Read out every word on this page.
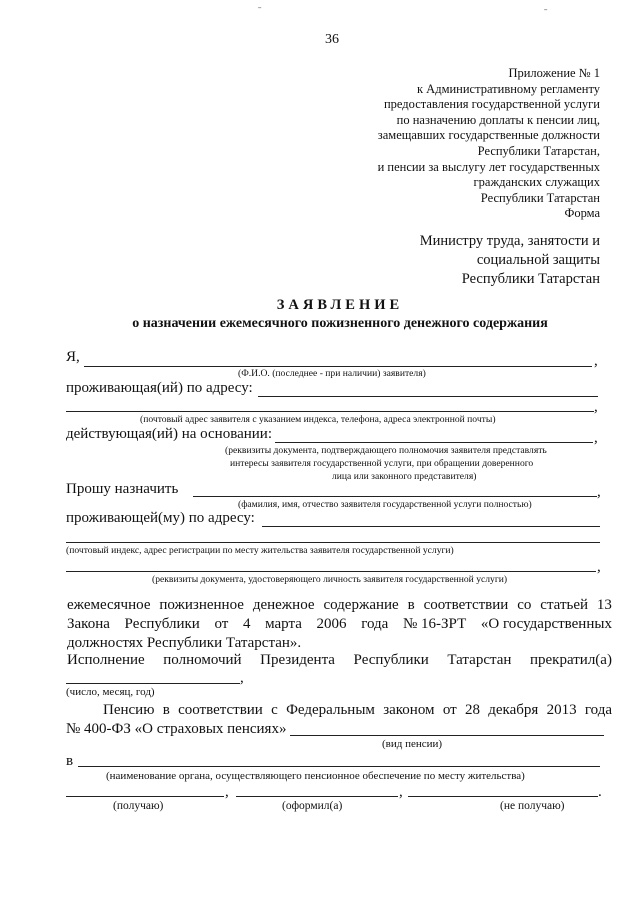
ˉ	ˉ
36
Приложение № 1
к Административному регламенту
предоставления государственной услуги
по назначению доплаты к пенсии лиц,
замещавших государственные должности
Республики Татарстан,
и пенсии за выслугу лет государственных
гражданских служащих
Республики Татарстан
Форма
Министру труда, занятости и
социальной защиты
Республики Татарстан
ЗАЯВЛЕНИЕ
о назначении ежемесячного пожизненного денежного содержания
Я,	,
(Ф.И.О. (последнее - при наличии) заявителя)
проживающая(ий) по адресу:
,
(почтовый адрес заявителя с указанием индекса, телефона, адреса электронной почты)
действующая(ий) на основании:	,
(реквизиты документа, подтверждающего полномочия заявителя представлять
интересы заявителя государственной услуги, при обращении доверенного
лица или законного представителя)
Прошу назначить	,
(фамилия, имя, отчество заявителя государственной услуги полностью)
проживающей(му) по адресу:
(почтовый индекс, адрес регистрации по месту жительства заявителя государственной услуги)
,
(реквизиты документа, удостоверяющего личность заявителя государственной услуги)
ежемесячное пожизненное денежное содержание в соответствии со статьей 13
Закона Республики от 4 марта 2006 года № 16-ЗРТ «О государственных
должностях Республики Татарстан».
Исполнение полномочий Президента Республики Татарстан прекратил(а)
,
(число, месяц, год)
Пенсию в соответствии с Федеральным законом от 28 декабря 2013 года
№ 400-ФЗ «О страховых пенсиях»
(вид пенсии)
в
(наименование органа, осуществляющего пенсионное обеспечение по месту жительства)
,	,	.
(получаю)	(оформил(а)	(не получаю)
